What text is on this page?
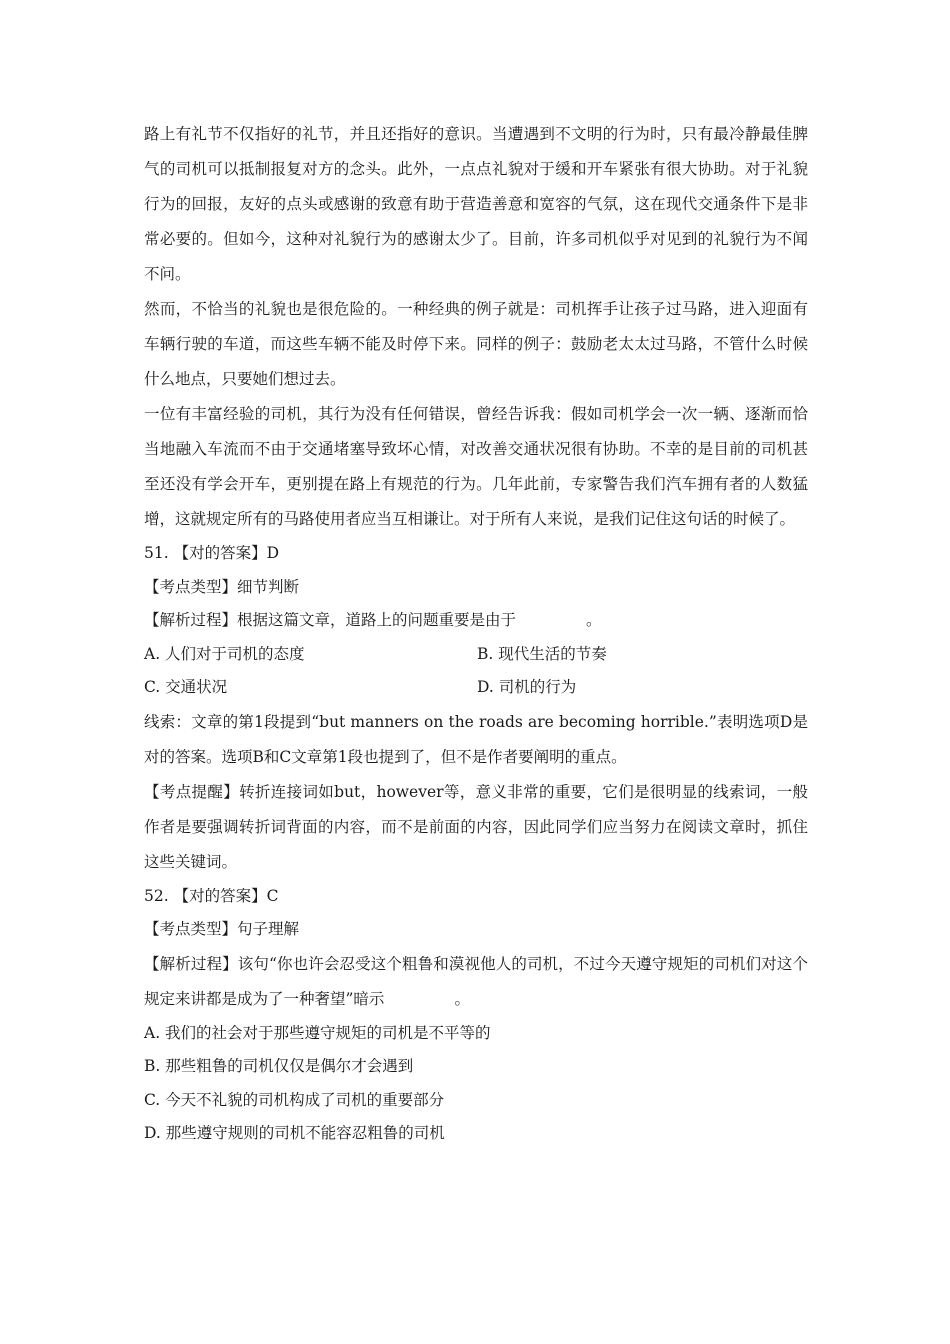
路上有礼节不仅指好的礼节，并且还指好的意识。当遭遇到不文明的行为时，只有最冷静最佳脾气的司机可以抵制报复对方的念头。此外，一点点礼貌对于缓和开车紧张有很大协助。对于礼貌行为的回报，友好的点头或感谢的致意有助于营造善意和宽容的气氛，这在现代交通条件下是非常必要的。但如今，这种对礼貌行为的感谢太少了。目前，许多司机似乎对见到的礼貌行为不闻不问。

然而，不恰当的礼貌也是很危险的。一种经典的例子就是：司机挥手让孩子过马路，进入迎面有车辆行驶的车道，而这些车辆不能及时停下来。同样的例子：鼓励老太太过马路，不管什么时候什么地点，只要她们想过去。

一位有丰富经验的司机，其行为没有任何错误，曾经告诉我：假如司机学会一次一辆、逐渐而恰当地融入车流而不由于交通堵塞导致坏心情，对改善交通状况很有协助。不幸的是目前的司机甚至还没有学会开车，更别提在路上有规范的行为。几年此前，专家警告我们汽车拥有者的人数猛增，这就规定所有的马路使用者应当互相谦让。对于所有人来说，是我们记住这句话的时候了。

51. 【对的答案】D

【考点类型】细节判断

【解析过程】根据这篇文章，道路上的问题重要是由于	。

A. 人们对于司机的态度	B. 现代生活的节奏
C. 交通状况	D. 司机的行为

线索：文章的第1段提到“but manners on the roads are becoming horrible.”表明选项D是对的答案。选项B和C文章第1段也提到了，但不是作者要阐明的重点。

【考点提醒】转折连接词如but，however等，意义非常的重要，它们是很明显的线索词，一般作者是要强调转折词背面的内容，而不是前面的内容，因此同学们应当努力在阅读文章时，抓住这些关键词。

52. 【对的答案】C

【考点类型】句子理解

【解析过程】该句“你也许会忍受这个粗鲁和漠视他人的司机，不过今天遵守规矩的司机们对这个规定来讲都是成为了一种奢望”暗示	。

A. 我们的社会对于那些遵守规矩的司机是不平等的

B. 那些粗鲁的司机仅仅是偶尔才会遇到

C. 今天不礼貌的司机构成了司机的重要部分

D. 那些遵守规则的司机不能容忍粗鲁的司机
